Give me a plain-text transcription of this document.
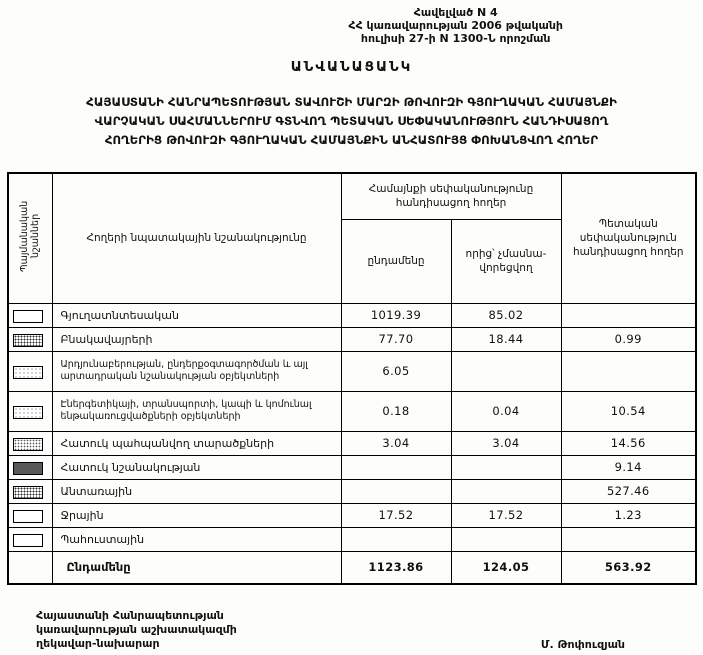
Հավելված N 4
ՀՀ կառավարության 2006 թվականի
հուլիսի 27-ի N 1300-Ն որոշման
ԱՆՎԱՆԱՑԱՆԿ
ՀԱՅԱՍՏԱՆԻ ՀԱՆՐԱՊԵՏՈՒԹՅԱՆ ՏԱՎՈՒՇԻ ՄԱՐԶԻ ԹՈՎՈՒԶԻ ԳՅՈՒՂԱԿԱՆ ՀԱՄԱՅՆՔԻ
ՎԱՐՉԱԿԱՆ ՍԱՀՄԱՆՆԵՐՈՒՄ ԳՏՆՎՈՂ ՊԵՏԱԿԱՆ ՍԵՓԱԿԱՆՈՒԹՅՈՒՆ ՀԱՆԴԻՍԱՑՈՂ
ՀՈՂԵՐԻՑ ԹՈՎՈՒԶԻ ԳՅՈՒՂԱԿԱՆ ՀԱՄԱՅՆՔԻՆ ԱՆՀԱՏՈՒՅՑ ՓՈԽԱՆՑՎՈՂ ՀՈՂԵՐ
Պայմանական նշաններ	Հողերի նպատակային նշանակությունը	Համայնքի սեփականությունը հանդիսացող հողեր		Պետական սեփականություն հանդիսացող հողեր
		ընդամենը	որից՝ չմասնա-վորեցվող	
	Գյուղատնտեսական	1019.39	85.02	
	Բնակավայրերի	77.70	18.44	0.99
	Արդյունաբերության, ընդերքօգտագործման և այլ արտադրական նշանակության օբյեկտների	6.05		
	Էներգետիկայի, տրանսպորտի, կապի և կոմունալ ենթակառուցվածքների օբյեկտների	0.18	0.04	10.54
	Հատուկ պահպանվող տարածքների	3.04	3.04	14.56
	Հատուկ նշանակության			9.14
	Անտառային			527.46
	Ջրային	17.52	17.52	1.23
	Պահուստային			
	Ընդամենը	1123.86	124.05	563.92
Հայաստանի Հանրապետության
կառավարության աշխատակազմի
ղեկավար-նախարար	Մ. Թոփուզյան
